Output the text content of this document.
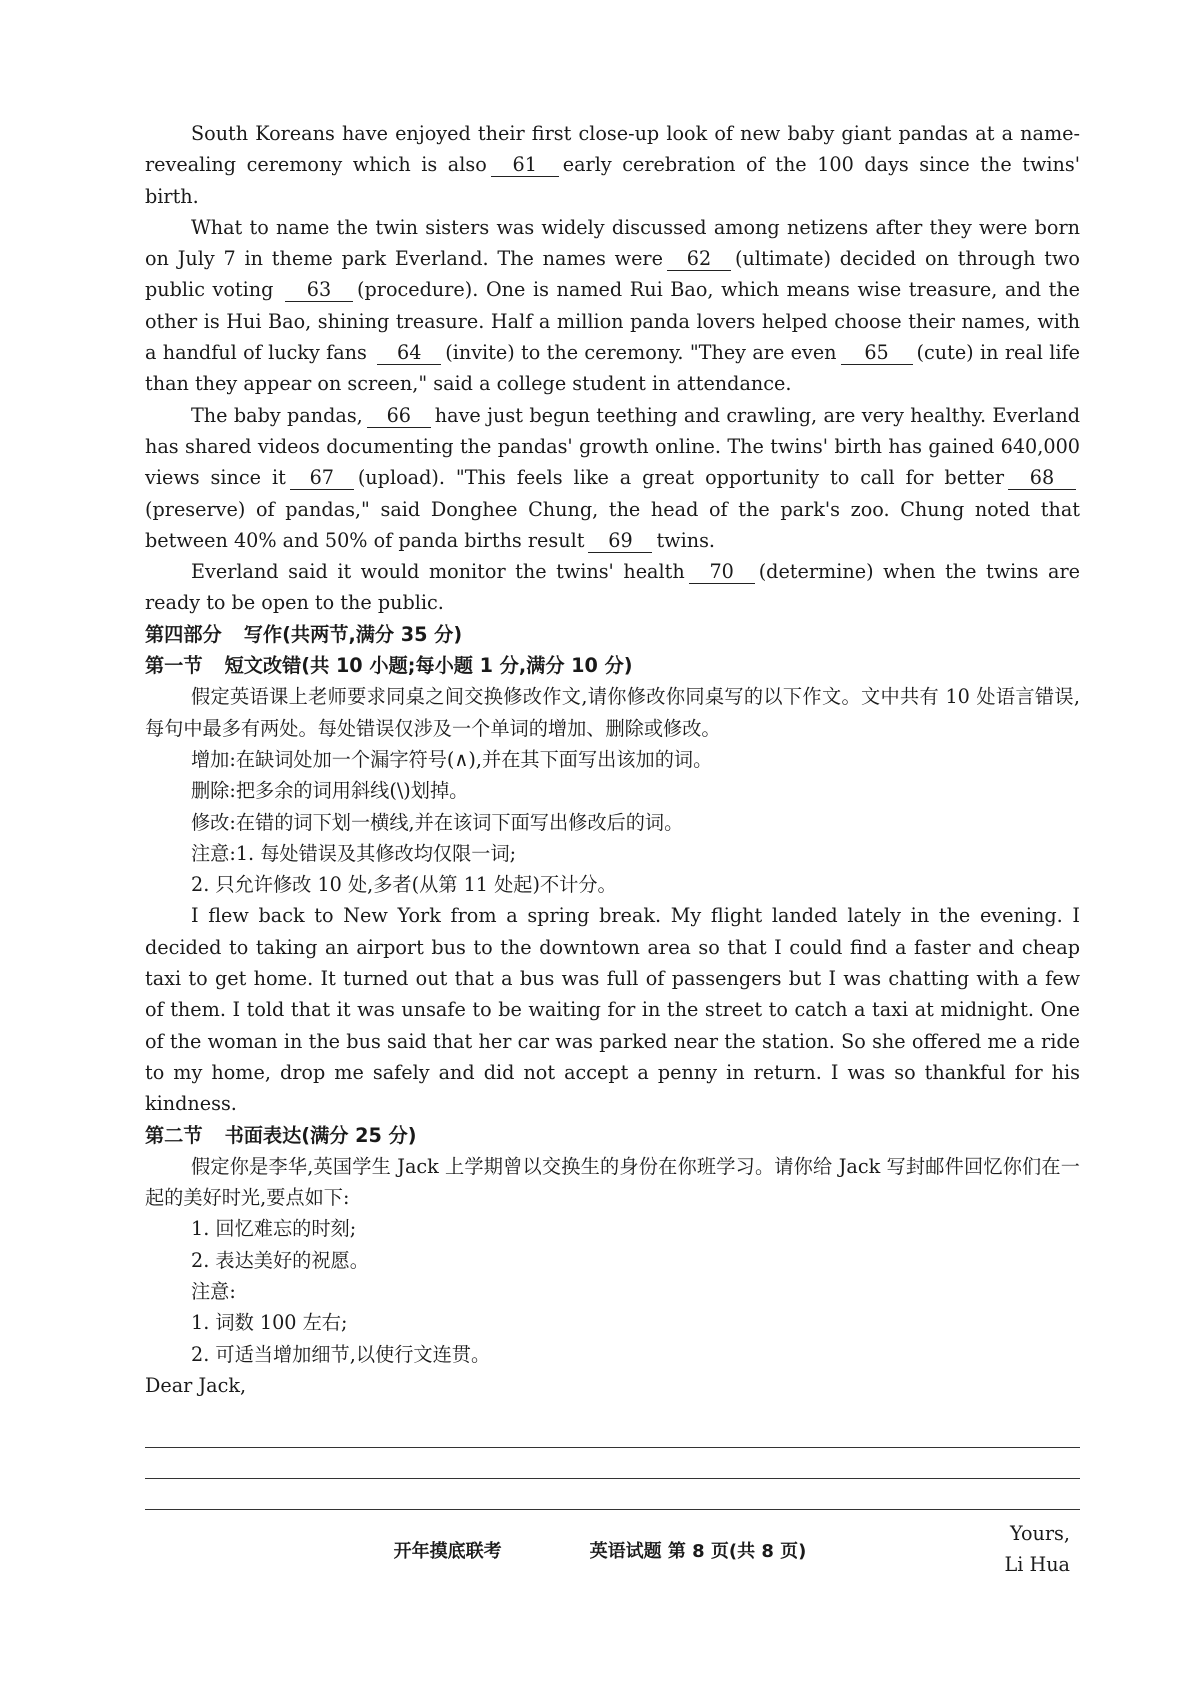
South Koreans have enjoyed their first close-up look of new baby giant pandas at a name-revealing ceremony which is also 61 early cerebration of the 100 days since the twins' birth.

What to name the twin sisters was widely discussed among netizens after they were born on July 7 in theme park Everland. The names were 62 (ultimate) decided on through two public voting 63 (procedure). One is named Rui Bao, which means wise treasure, and the other is Hui Bao, shining treasure. Half a million panda lovers helped choose their names, with a handful of lucky fans 64 (invite) to the ceremony. "They are even 65 (cute) in real life than they appear on screen," said a college student in attendance.

The baby pandas, 66 have just begun teething and crawling, are very healthy. Everland has shared videos documenting the pandas' growth online. The twins' birth has gained 640,000 views since it 67 (upload). "This feels like a great opportunity to call for better 68(preserve) of pandas," said Donghee Chung, the head of the park's zoo. Chung noted that between 40% and 50% of panda births result 69 twins.

Everland said it would monitor the twins' health 70 (determine) when the twins are ready to be open to the public.

第四部分 写作(共两节,满分 35 分)

第一节 短文改错(共 10 小题;每小题 1 分,满分 10 分)

假定英语课上老师要求同桌之间交换修改作文,请你修改你同桌写的以下作文。文中共有 10 处语言错误,每句中最多有两处。每处错误仅涉及一个单词的增加、删除或修改。

增加:在缺词处加一个漏字符号(∧),并在其下面写出该加的词。

删除:把多余的词用斜线(\)划掉。

修改:在错的词下划一横线,并在该词下面写出修改后的词。

注意:1. 每处错误及其修改均仅限一词;

2. 只允许修改 10 处,多者(从第 11 处起)不计分。

I flew back to New York from a spring break. My flight landed lately in the evening. I decided to taking an airport bus to the downtown area so that I could find a faster and cheap taxi to get home. It turned out that a bus was full of passengers but I was chatting with a few of them. I told that it was unsafe to be waiting for in the street to catch a taxi at midnight. One of the woman in the bus said that her car was parked near the station. So she offered me a ride to my home, drop me safely and did not accept a penny in return. I was so thankful for his kindness.

第二节 书面表达(满分 25 分)

假定你是李华,英国学生 Jack 上学期曾以交换生的身份在你班学习。请你给 Jack 写封邮件回忆你们在一起的美好时光,要点如下:

1. 回忆难忘的时刻;

2. 表达美好的祝愿。

注意:

1. 词数 100 左右;

2. 可适当增加细节,以使行文连贯。

Dear Jack,

Yours,

Li Hua

开年摸底联考	英语试题 第 8 页(共 8 页)
